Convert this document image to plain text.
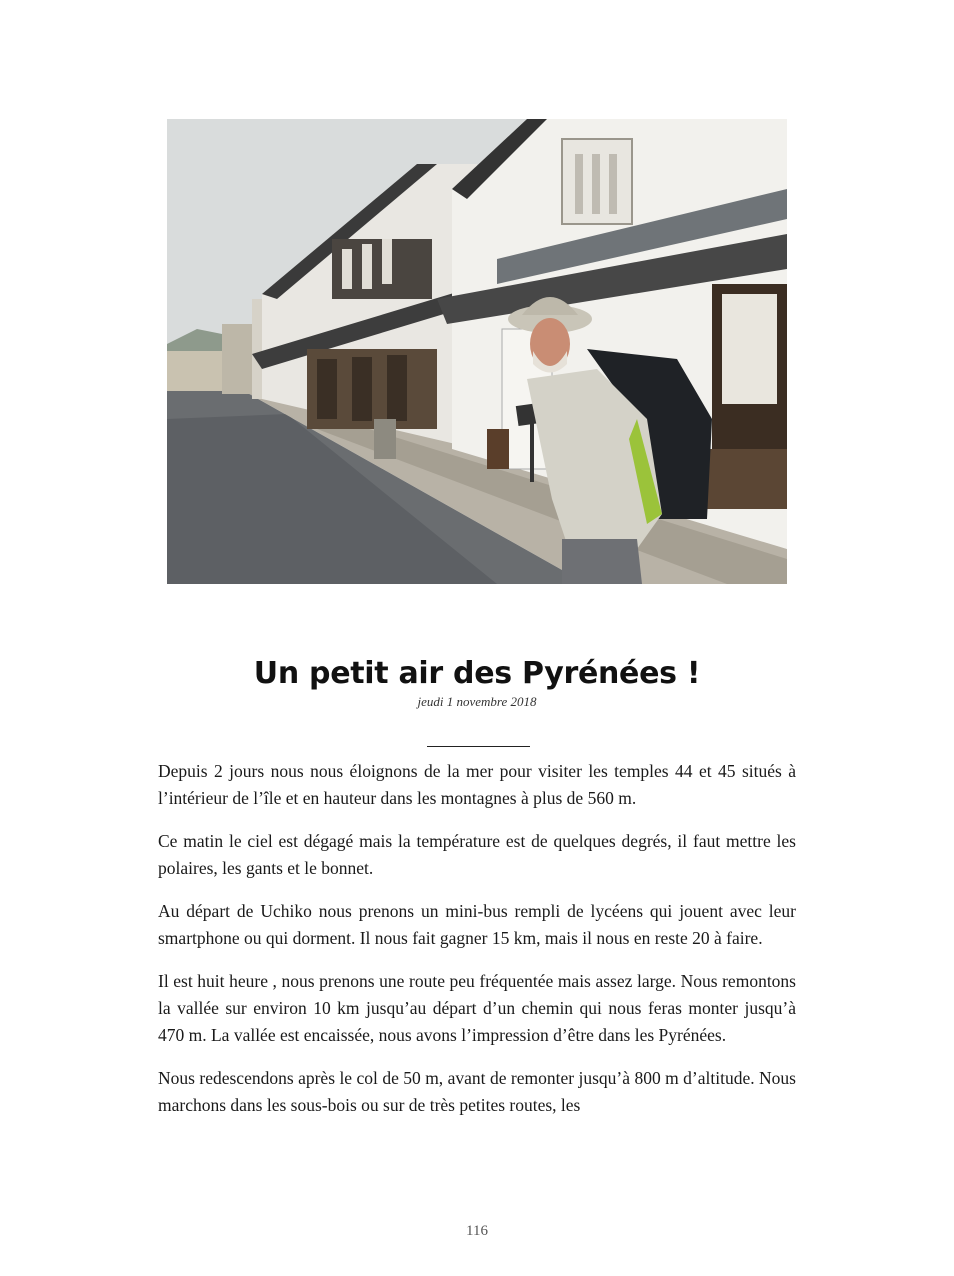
Un petit air des Pyrénées !
jeudi 1 novembre 2018

Depuis 2 jours nous nous éloignons de la mer pour visiter les temples 44 et 45 situés à l’intérieur de l’île et en hauteur dans les montagnes à plus de 560 m.

Ce matin le ciel est dégagé mais la température est de quelques degrés, il faut mettre les polaires, les gants et le bonnet.

Au départ de Uchiko nous prenons un mini-bus rempli de lycéens qui jouent avec leur smartphone ou qui dorment. Il nous fait gagner 15 km, mais il nous en reste 20 à faire.

Il est huit heure , nous prenons une route peu fréquentée mais assez large. Nous remontons la vallée sur environ 10 km jusqu’au départ d’un chemin qui nous feras monter jusqu’à 470 m. La vallée est encaissée, nous avons l’impression d’être dans les Pyrénées.

Nous redescendons après le col de 50 m, avant de remonter jusqu’à 800 m d’altitude. Nous marchons dans les sous-bois ou sur de très petites routes, les

116
